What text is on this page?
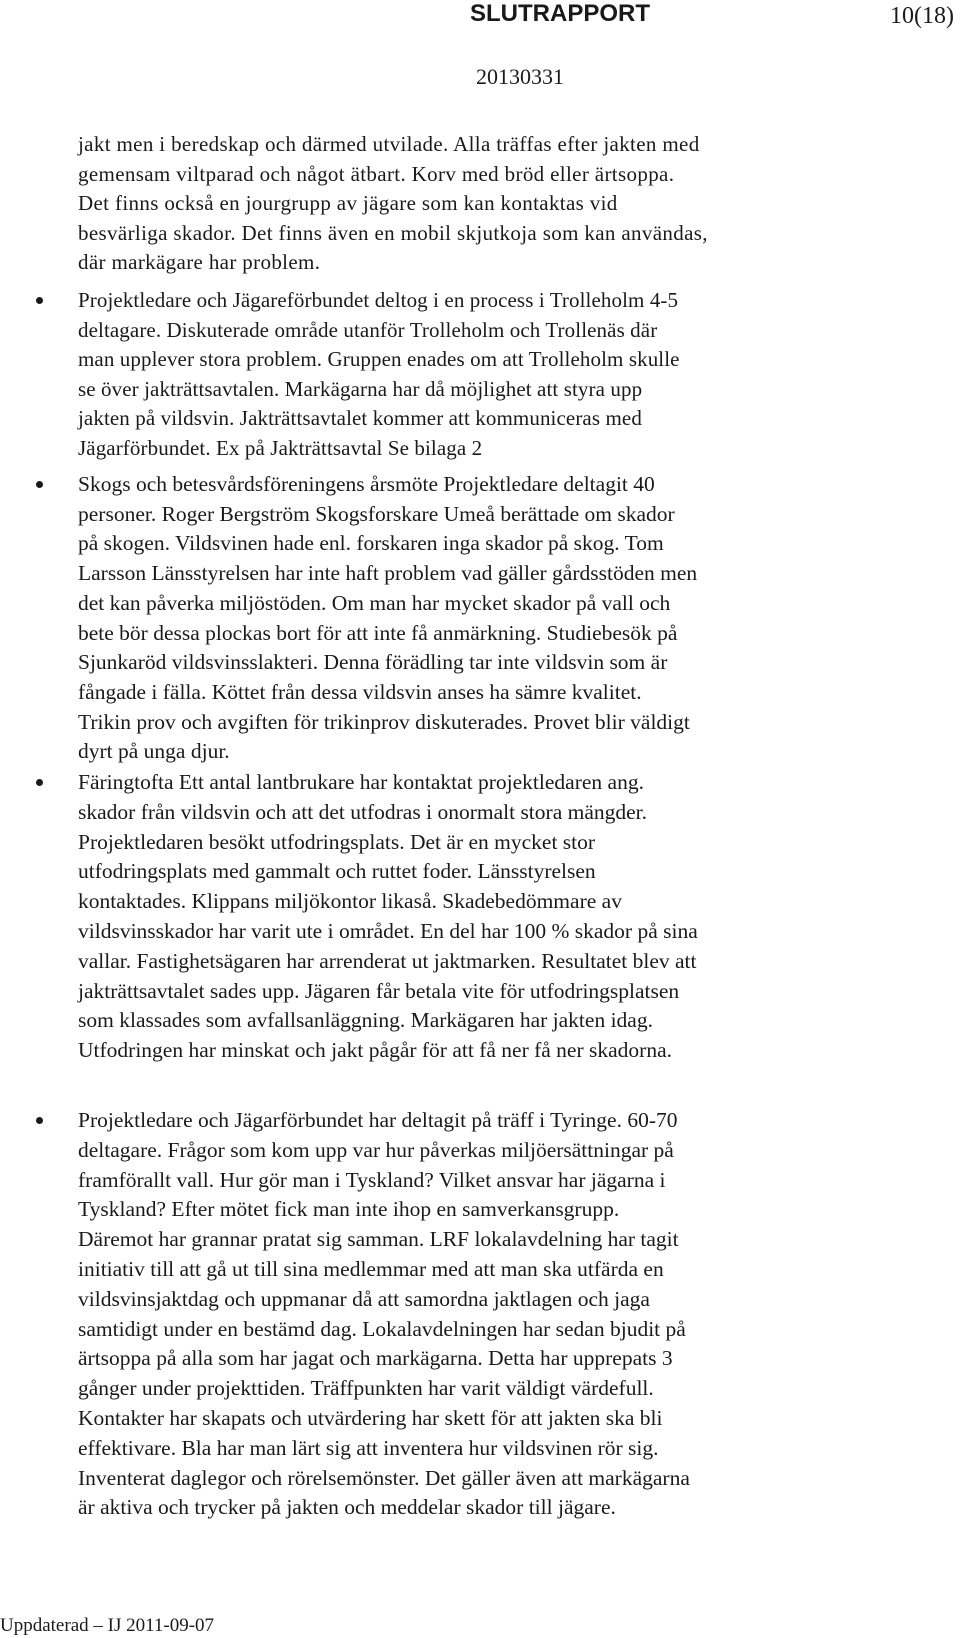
SLUTRAPPORT	10(18)
20130331
jakt men i beredskap och därmed utvilade. Alla träffas efter jakten med
gemensam viltparad och något ätbart. Korv med bröd eller ärtsoppa.
Det finns också en jourgrupp av jägare som kan kontaktas vid
besvärliga skador. Det finns även en mobil skjutkoja som kan användas,
där markägare har problem.
Projektledare och Jägareförbundet deltog i en process i Trolleholm 4-5
deltagare. Diskuterade område utanför Trolleholm och Trollenäs där
man upplever stora problem. Gruppen enades om att Trolleholm skulle
se över jakträttsavtalen. Markägarna har då möjlighet att styra upp
jakten på vildsvin. Jakträttsavtalet kommer att kommuniceras med
Jägarförbundet. Ex på Jakträttsavtal Se bilaga 2
Skogs och betesvårdsföreningens årsmöte Projektledare deltagit 40
personer. Roger Bergström Skogsforskare Umeå berättade om skador
på skogen. Vildsvinen hade enl. forskaren inga skador på skog. Tom
Larsson Länsstyrelsen har inte haft problem vad gäller gårdsstöden men
det kan påverka miljöstöden. Om man har mycket skador på vall och
bete bör dessa plockas bort för att inte få anmärkning. Studiebesök på
Sjunkaröd vildsvinsslakteri. Denna förädling tar inte vildsvin som är
fångade i fälla. Köttet från dessa vildsvin anses ha sämre kvalitet.
Trikin prov och avgiften för trikinprov diskuterades. Provet blir väldigt
dyrt på unga djur.
Färingtofta Ett antal lantbrukare har kontaktat projektledaren ang.
skador från vildsvin och att det utfodras i onormalt stora mängder.
Projektledaren besökt utfodringsplats. Det är en mycket stor
utfodringsplats med gammalt och ruttet foder. Länsstyrelsen
kontaktades. Klippans miljökontor likaså. Skadebedömmare av
vildsvinsskador har varit ute i området. En del har 100 % skador på sina
vallar. Fastighetsägaren har arrenderat ut jaktmarken. Resultatet blev att
jakträttsavtalet sades upp. Jägaren får betala vite för utfodringsplatsen
som klassades som avfallsanläggning. Markägaren har jakten idag.
Utfodringen har minskat och jakt pågår för att få ner få ner skadorna.
Projektledare och Jägarförbundet har deltagit på träff i Tyringe. 60-70
deltagare. Frågor som kom upp var hur påverkas miljöersättningar på
framförallt vall. Hur gör man i Tyskland? Vilket ansvar har jägarna i
Tyskland? Efter mötet fick man inte ihop en samverkansgrupp.
Däremot har grannar pratat sig samman. LRF lokalavdelning har tagit
initiativ till att gå ut till sina medlemmar med att man ska utfärda en
vildsvinsjaktdag och uppmanar då att samordna jaktlagen och jaga
samtidigt under en bestämd dag. Lokalavdelningen har sedan bjudit på
ärtsoppa på alla som har jagat och markägarna. Detta har upprepats 3
gånger under projekttiden. Träffpunkten har varit väldigt värdefull.
Kontakter har skapats och utvärdering har skett för att jakten ska bli
effektivare. Bla har man lärt sig att inventera hur vildsvinen rör sig.
Inventerat daglegor och rörelsemönster. Det gäller även att markägarna
är aktiva och trycker på jakten och meddelar skador till jägare.
Uppdaterad – IJ 2011-09-07
